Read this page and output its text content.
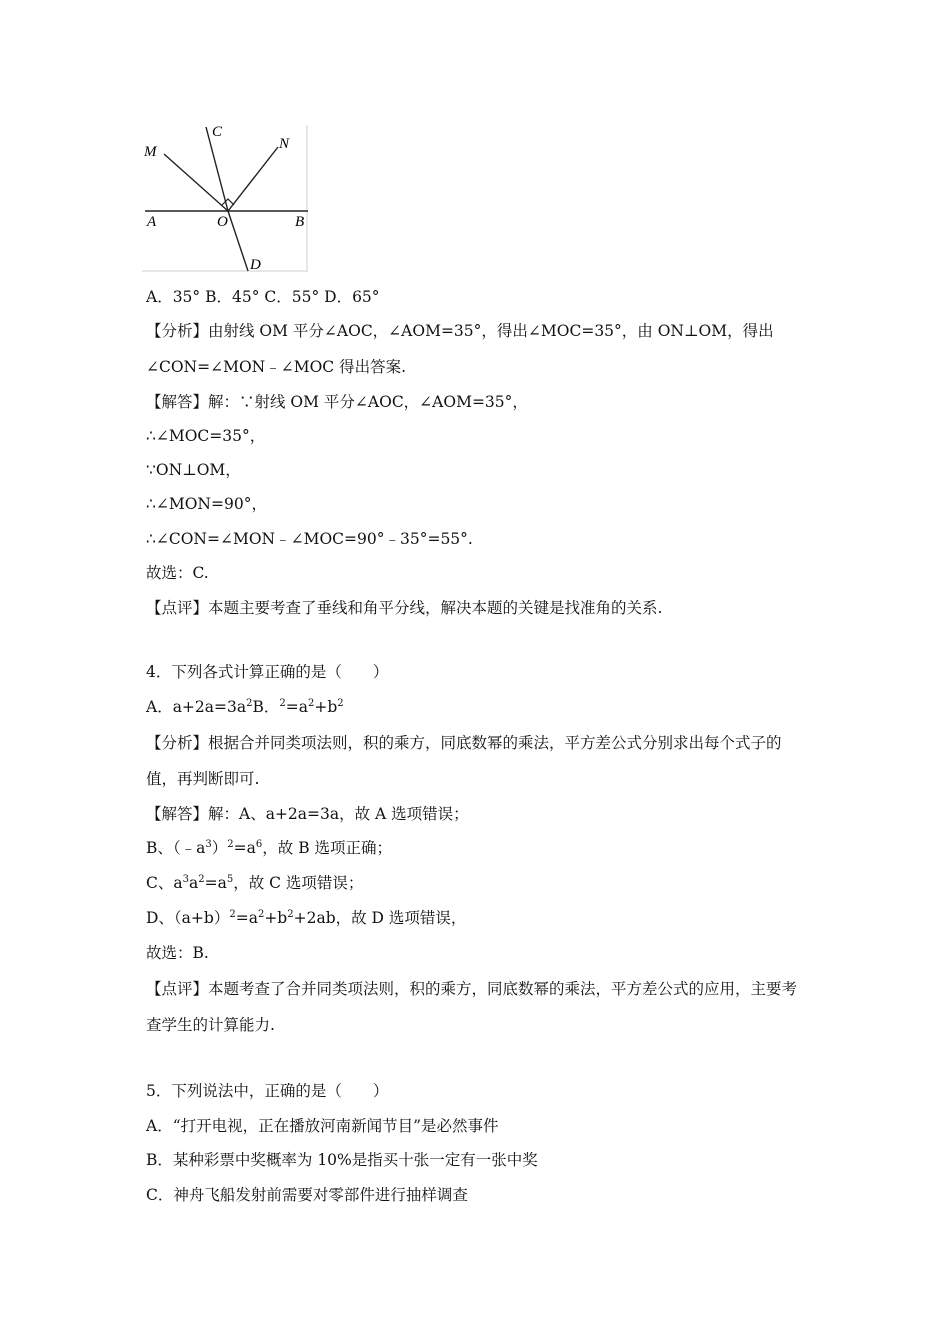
M
C
N
A	O	B
D
A．35° B．45° C．55° D．65°
【分析】由射线 OM 平分∠AOC，∠AOM=35°，得出∠MOC=35°，由 ON⊥OM，得出
∠CON=∠MON﹣∠MOC 得出答案.
【解答】解：∵射线 OM 平分∠AOC，∠AOM=35°，
∴∠MOC=35°，
∵ON⊥OM，
∴∠MON=90°，
∴∠CON=∠MON﹣∠MOC=90°﹣35°=55°.
故选：C.
【点评】本题主要考查了垂线和角平分线，解决本题的关键是找准角的关系.
4．下列各式计算正确的是（　　）
A．$a+2a=3a^2B$．$^2=a^2+b^2$
【分析】根据合并同类项法则，积的乘方，同底数幂的乘法，平方差公式分别求出每个式子的
值，再判断即可.
【解答】解：A、a+2a=3a，故 A 选项错误；
B、$(﹣a^3)^2=a^6$，故 B 选项正确；
C、$a^3a^2=a^5$，故 C 选项错误；
D、$(a+b)^2=a^2+b^2+2ab$，故 D 选项错误，
故选：B.
【点评】本题考查了合并同类项法则，积的乘方，同底数幂的乘法，平方差公式的应用，主要考
查学生的计算能力.
5．下列说法中，正确的是（　　）
A．“打开电视，正在播放河南新闻节目”是必然事件
B．某种彩票中奖概率为 10%是指买十张一定有一张中奖
C．神舟飞船发射前需要对零部件进行抽样调查
